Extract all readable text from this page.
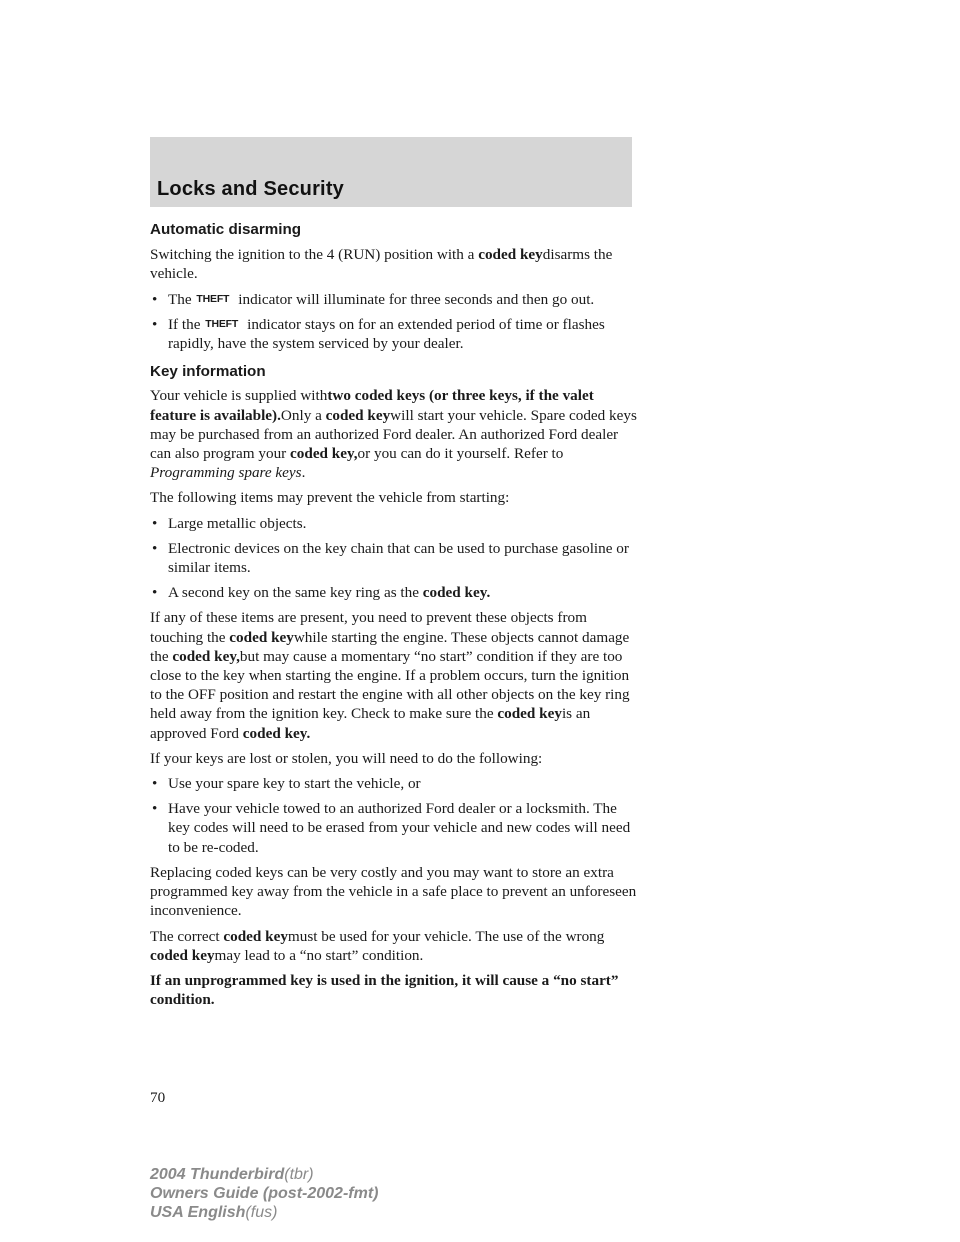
Locks and Security
Automatic disarming

Switching the ignition to the 4 (RUN) position with a coded keydisarms the vehicle.

• The THEFT indicator will illuminate for three seconds and then go out.
• If the THEFT indicator stays on for an extended period of time or flashes rapidly, have the system serviced by your dealer.
Key information

Your vehicle is supplied withtwo coded keys (or three keys, if the valet feature is available).Only a coded keywill start your vehicle. Spare coded keys may be purchased from an authorized Ford dealer. An authorized Ford dealer can also program your coded key,or you can do it yourself. Refer to Programming spare keys.

The following items may prevent the vehicle from starting:

• Large metallic objects.
• Electronic devices on the key chain that can be used to purchase gasoline or similar items.
• A second key on the same key ring as the coded key.

If any of these items are present, you need to prevent these objects from touching the coded keywhile starting the engine. These objects cannot damage the coded key,but may cause a momentary “no start” condition if they are too close to the key when starting the engine. If a problem occurs, turn the ignition to the OFF position and restart the engine with all other objects on the key ring held away from the ignition key. Check to make sure the coded keyis an approved Ford coded key.

If your keys are lost or stolen, you will need to do the following:

• Use your spare key to start the vehicle, or
• Have your vehicle towed to an authorized Ford dealer or a locksmith. The key codes will need to be erased from your vehicle and new codes will need to be re-coded.

Replacing coded keys can be very costly and you may want to store an extra programmed key away from the vehicle in a safe place to prevent an unforeseen inconvenience.

The correct coded keymust be used for your vehicle. The use of the wrong coded keymay lead to a “no start” condition.

If an unprogrammed key is used in the ignition, it will cause a “no start” condition.

70
2004 Thunderbird(tbr)
Owners Guide (post-2002-fmt)
USA English(fus)
